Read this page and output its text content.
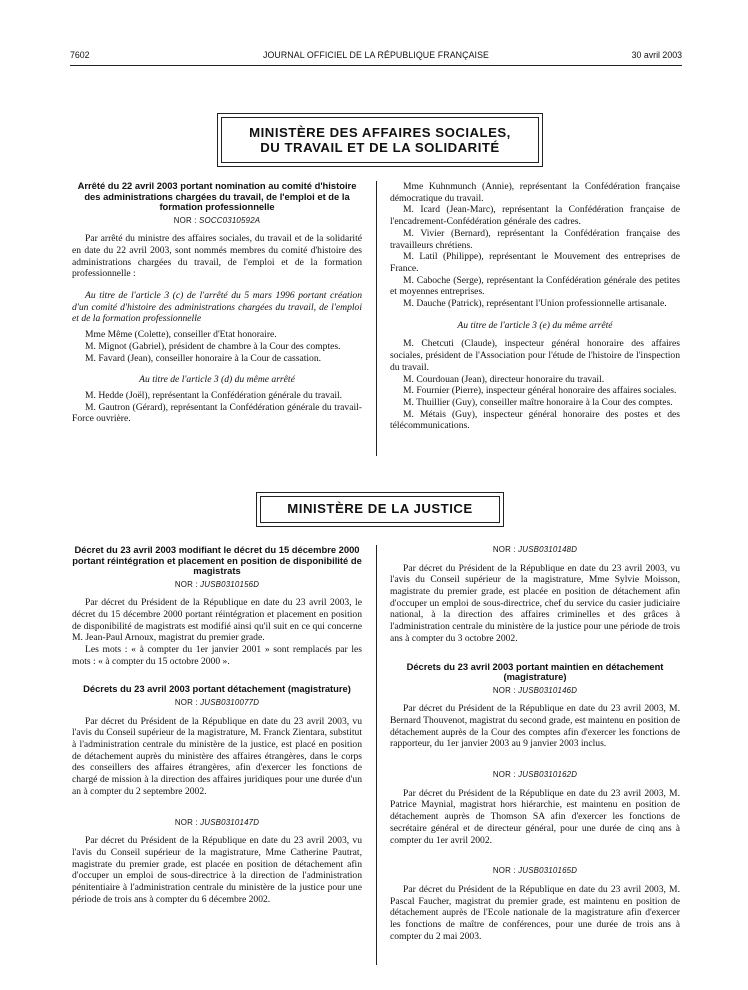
7602	JOURNAL OFFICIEL DE LA RÉPUBLIQUE FRANÇAISE	30 avril 2003
MINISTÈRE DES AFFAIRES SOCIALES,
DU TRAVAIL ET DE LA SOLIDARITÉ
Arrêté du 22 avril 2003 portant nomination au comité d'histoire des administrations chargées du travail, de l'emploi et de la formation professionnelle
NOR : SOCC0310592A

Par arrêté du ministre des affaires sociales, du travail et de la solidarité en date du 22 avril 2003, sont nommés membres du comité d'histoire des administrations chargées du travail, de l'emploi et de la formation professionnelle :

Au titre de l'article 3 (c) de l'arrêté du 5 mars 1996 portant création d'un comité d'histoire des administrations chargées du travail, de l'emploi et de la formation professionnelle

Mme Même (Colette), conseiller d'Etat honoraire.

M. Mignot (Gabriel), président de chambre à la Cour des comptes.

M. Favard (Jean), conseiller honoraire à la Cour de cassation.

Au titre de l'article 3 (d) du même arrêté

M. Hedde (Joël), représentant la Confédération générale du travail.

M. Gautron (Gérard), représentant la Confédération générale du travail-Force ouvrière.

Mme Kuhnmunch (Annie), représentant la Confédération française démocratique du travail.

M. Icard (Jean-Marc), représentant la Confédération française de l'encadrement-Confédération générale des cadres.

M. Vivier (Bernard), représentant la Confédération française des travailleurs chrétiens.

M. Latil (Philippe), représentant le Mouvement des entreprises de France.

M. Caboche (Serge), représentant la Confédération générale des petites et moyennes entreprises.

M. Dauche (Patrick), représentant l'Union professionnelle artisanale.

Au titre de l'article 3 (e) du même arrêté

M. Chetcuti (Claude), inspecteur général honoraire des affaires sociales, président de l'Association pour l'étude de l'histoire de l'inspection du travail.

M. Courdouan (Jean), directeur honoraire du travail.

M. Fournier (Pierre), inspecteur général honoraire des affaires sociales.

M. Thuillier (Guy), conseiller maître honoraire à la Cour des comptes.

M. Métais (Guy), inspecteur général honoraire des postes et des télécommunications.

MINISTÈRE DE LA JUSTICE
Décret du 23 avril 2003 modifiant le décret du 15 décembre 2000 portant réintégration et placement en position de disponibilité de magistrats
NOR : JUSB0310156D

Par décret du Président de la République en date du 23 avril 2003, le décret du 15 décembre 2000 portant réintégration et placement en position de disponibilité de magistrats est modifié ainsi qu'il suit en ce qui concerne M. Jean-Paul Arnoux, magistrat du premier grade.

Les mots : « à compter du 1er janvier 2001 » sont remplacés par les mots : « à compter du 15 octobre 2000 ».

Décrets du 23 avril 2003 portant détachement (magistrature)
NOR : JUSB0310077D

Par décret du Président de la République en date du 23 avril 2003, vu l'avis du Conseil supérieur de la magistrature, M. Franck Zientara, substitut à l'administration centrale du ministère de la justice, est placé en position de détachement auprès du ministère des affaires étrangères, dans le corps des conseillers des affaires étrangères, afin d'exercer les fonctions de chargé de mission à la direction des affaires juridiques pour une durée d'un an à compter du 2 septembre 2002.

NOR : JUSB0310147D

Par décret du Président de la République en date du 23 avril 2003, vu l'avis du Conseil supérieur de la magistrature, Mme Catherine Pautrat, magistrate du premier grade, est placée en position de détachement afin d'occuper un emploi de sous-directrice à la direction de l'administration pénitentiaire à l'administration centrale du ministère de la justice pour une période de trois ans à compter du 6 décembre 2002.

NOR : JUSB0310148D

Par décret du Président de la République en date du 23 avril 2003, vu l'avis du Conseil supérieur de la magistrature, Mme Sylvie Moisson, magistrate du premier grade, est placée en position de détachement afin d'occuper un emploi de sous-directrice, chef du service du casier judiciaire national, à la direction des affaires criminelles et des grâces à l'administration centrale du ministère de la justice pour une période de trois ans à compter du 3 octobre 2002.

Décrets du 23 avril 2003 portant maintien en détachement (magistrature)
NOR : JUSB0310146D

Par décret du Président de la République en date du 23 avril 2003, M. Bernard Thouvenot, magistrat du second grade, est maintenu en position de détachement auprès de la Cour des comptes afin d'exercer les fonctions de rapporteur, du 1er janvier 2003 au 9 janvier 2003 inclus.

NOR : JUSB0310162D

Par décret du Président de la République en date du 23 avril 2003, M. Patrice Maynial, magistrat hors hiérarchie, est maintenu en position de détachement auprès de Thomson SA afin d'exercer les fonctions de secrétaire général et de directeur général, pour une durée de cinq ans à compter du 1er avril 2002.

NOR : JUSB0310165D

Par décret du Président de la République en date du 23 avril 2003, M. Pascal Faucher, magistrat du premier grade, est maintenu en position de détachement auprès de l'Ecole nationale de la magistrature afin d'exercer les fonctions de maître de conférences, pour une durée de trois ans à compter du 2 mai 2003.
